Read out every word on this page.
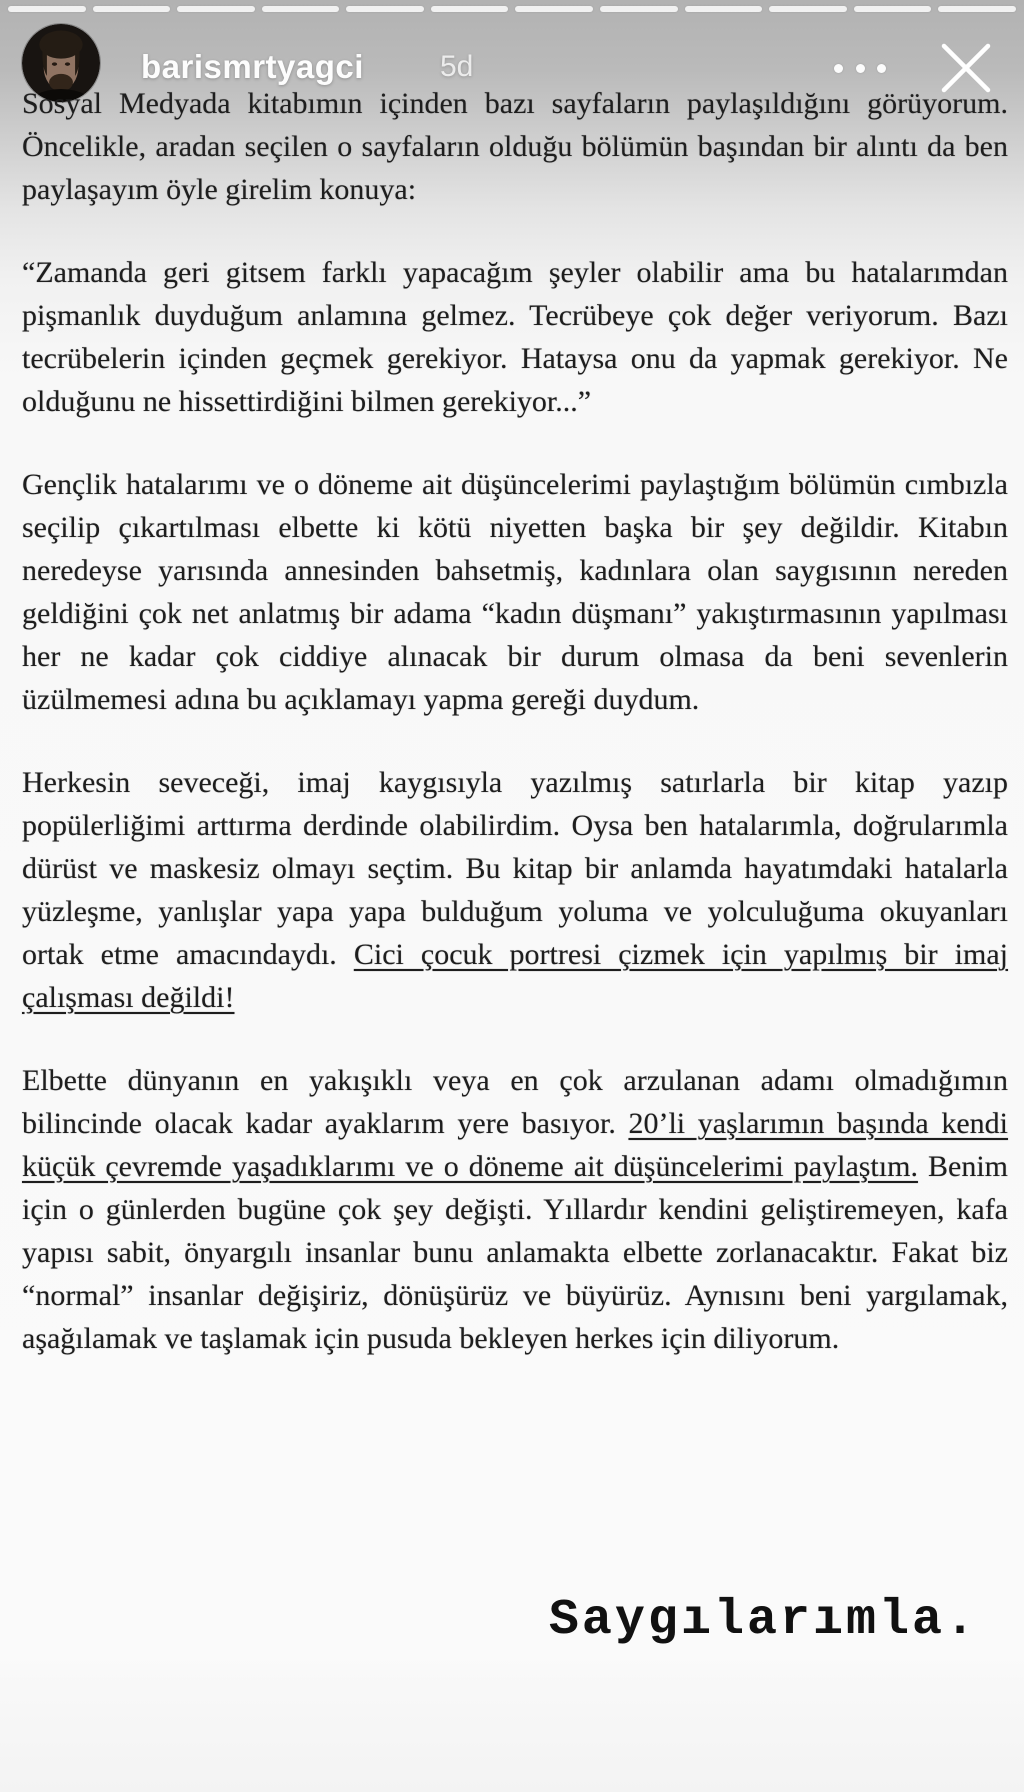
barismrtyagci	5d

Sosyal Medyada kitabımın içinden bazı sayfaların paylaşıldığını görüyorum. Öncelikle, aradan seçilen o sayfaların olduğu bölümün başından bir alıntı da ben paylaşayım öyle girelim konuya:

“Zamanda geri gitsem farklı yapacağım şeyler olabilir ama bu hatalarımdan pişmanlık duyduğum anlamına gelmez. Tecrübeye çok değer veriyorum. Bazı tecrübelerin içinden geçmek gerekiyor. Hataysa onu da yapmak gerekiyor. Ne olduğunu ne hissettirdiğini bilmen gerekiyor...”

Gençlik hatalarımı ve o döneme ait düşüncelerimi paylaştığım bölümün cımbızla seçilip çıkartılması elbette ki kötü niyetten başka bir şey değildir. Kitabın neredeyse yarısında annesinden bahsetmiş, kadınlara olan saygısının nereden geldiğini çok net anlatmış bir adama “kadın düşmanı” yakıştırmasının yapılması her ne kadar çok ciddiye alınacak bir durum olmasa da beni sevenlerin üzülmemesi adına bu açıklamayı yapma gereği duydum.

Herkesin seveceği, imaj kaygısıyla yazılmış satırlarla bir kitap yazıp popülerliğimi arttırma derdinde olabilirdim. Oysa ben hatalarımla, doğrularımla dürüst ve maskesiz olmayı seçtim. Bu kitap bir anlamda hayatımdaki hatalarla yüzleşme, yanlışlar yapa yapa bulduğum yoluma ve yolculuğuma okuyanları ortak etme amacındaydı. Cici çocuk portresi çizmek için yapılmış bir imaj çalışması değildi!

Elbette dünyanın en yakışıklı veya en çok arzulanan adamı olmadığımın bilincinde olacak kadar ayaklarım yere basıyor. 20’li yaşlarımın başında kendi küçük çevremde yaşadıklarımı ve o döneme ait düşüncelerimi paylaştım. Benim için o günlerden bugüne çok şey değişti. Yıllardır kendini geliştiremeyen, kafa yapısı sabit, önyargılı insanlar bunu anlamakta elbette zorlanacaktır. Fakat biz “normal” insanlar değişiriz, dönüşürüz ve büyürüz. Aynısını beni yargılamak, aşağılamak ve taşlamak için pusuda bekleyen herkes için diliyorum.

Saygılarımla.
